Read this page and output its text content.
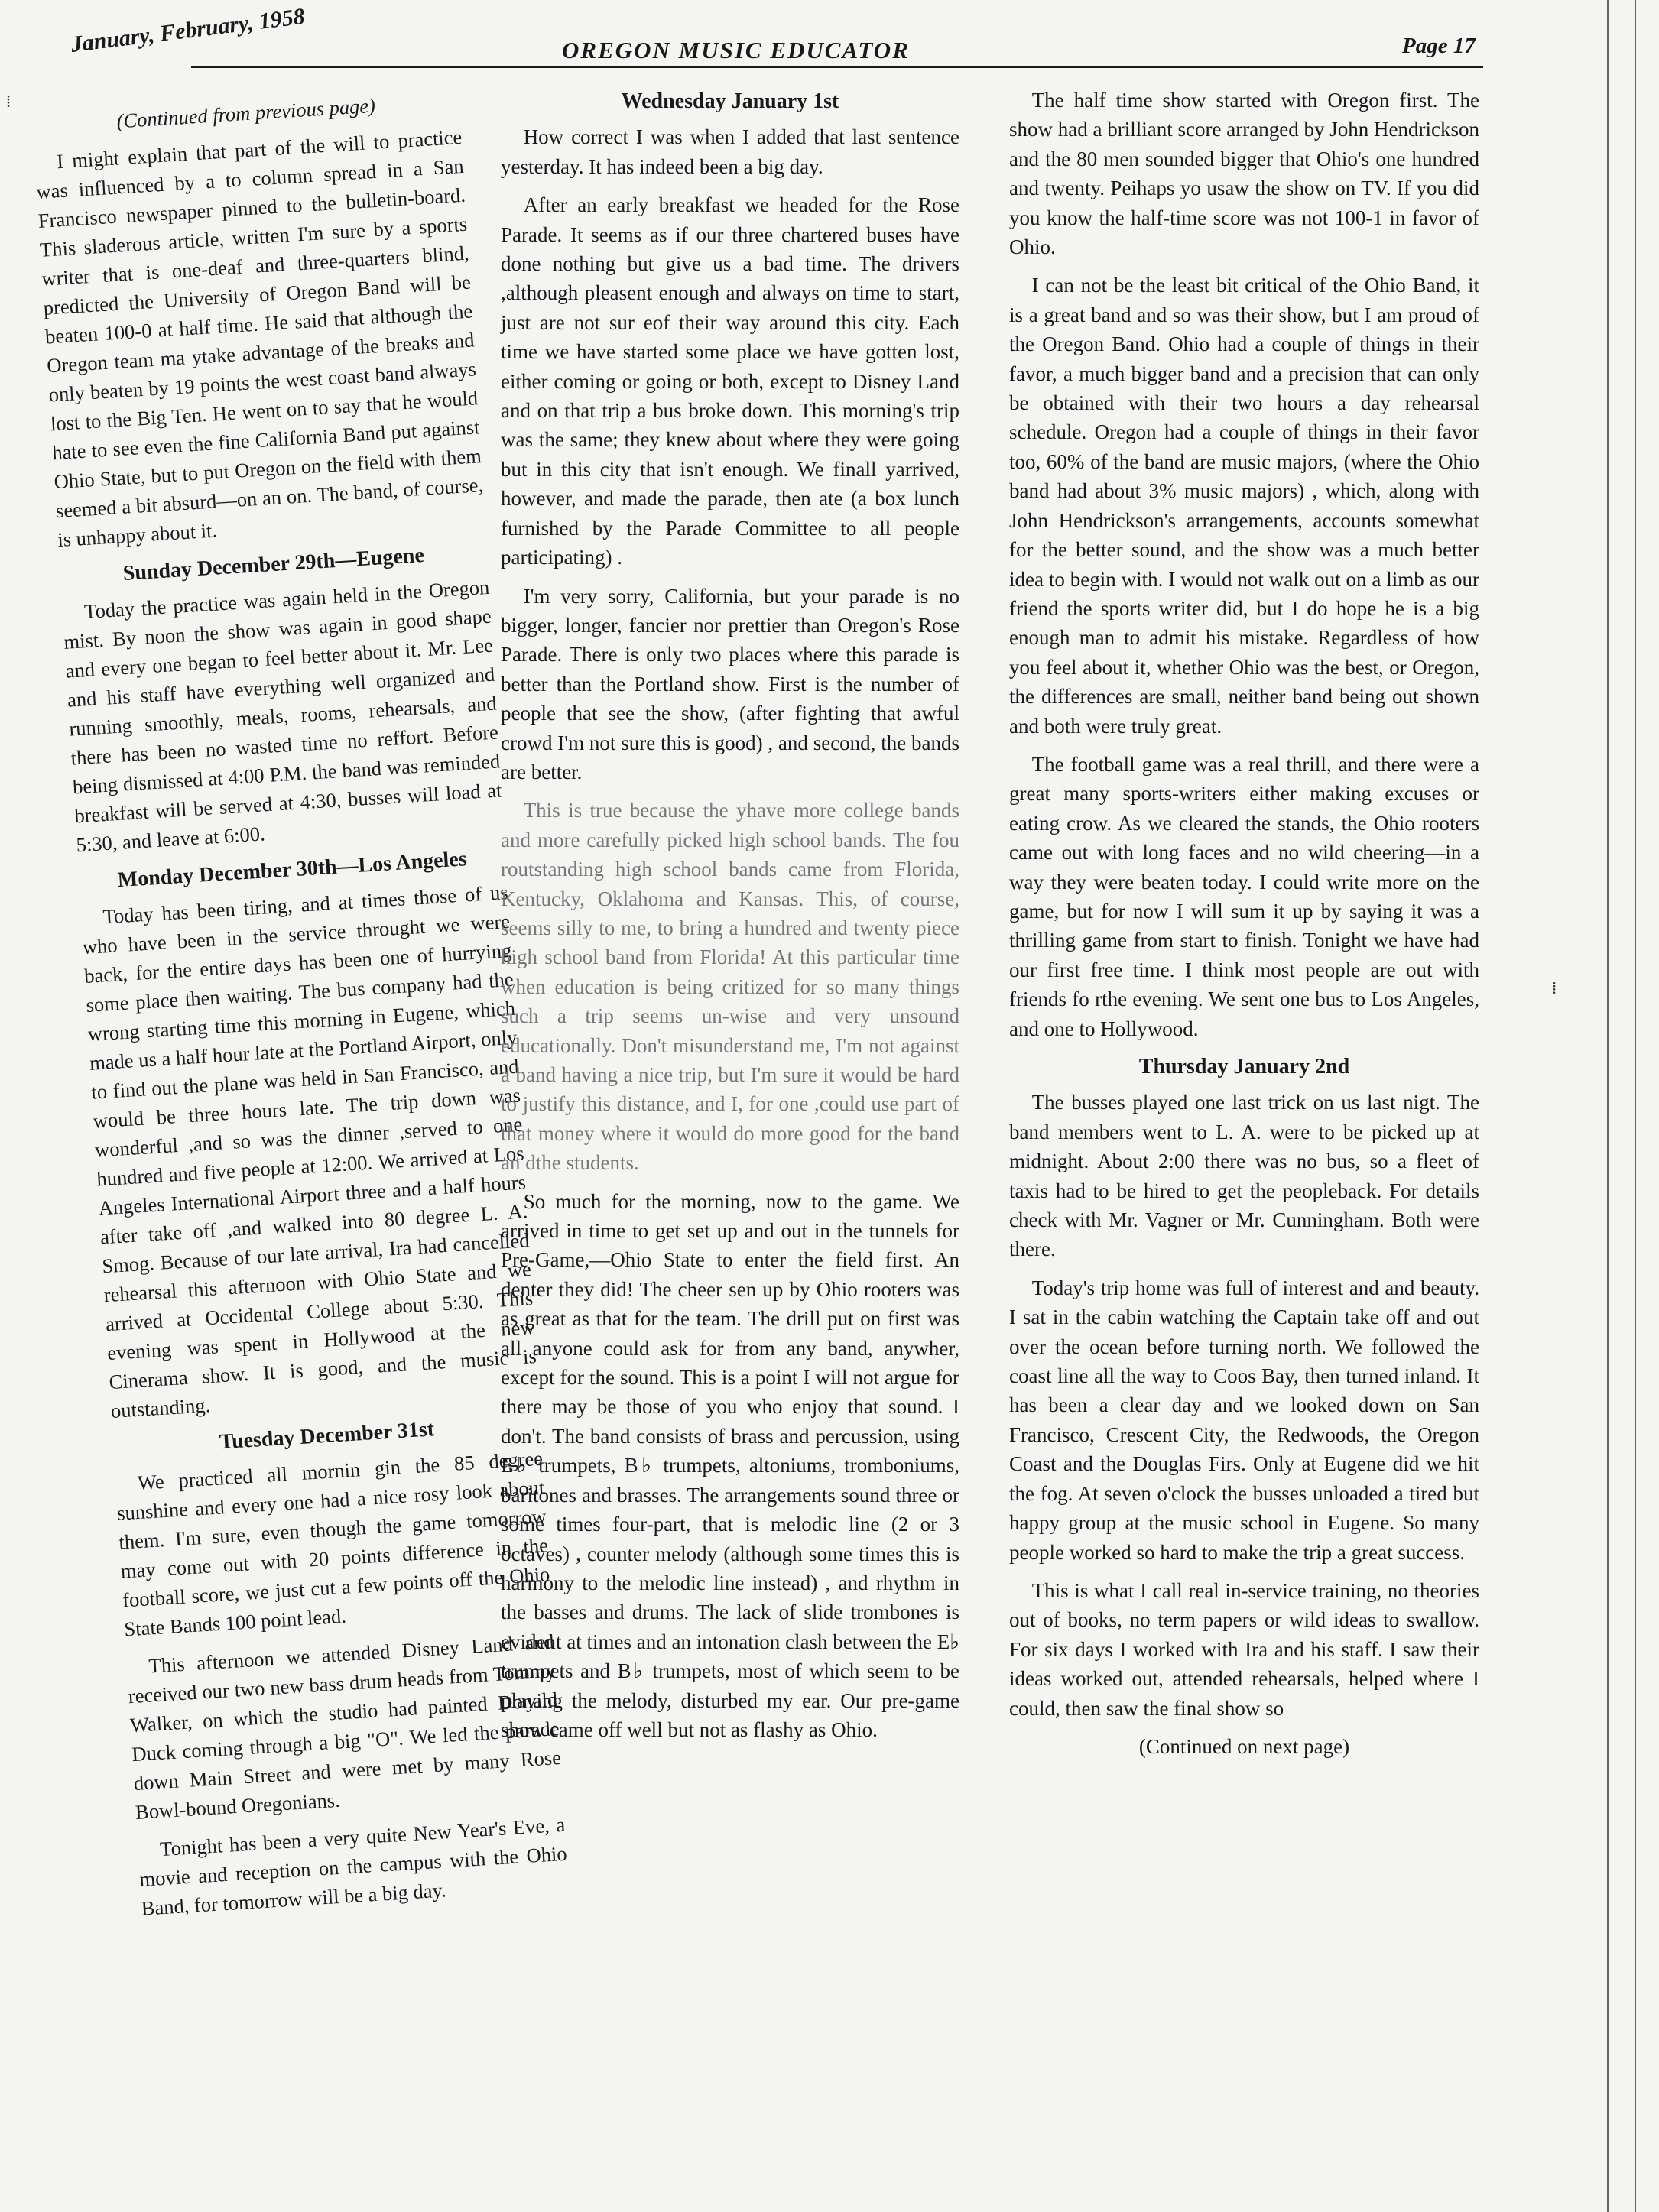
January, February, 1958	OREGON MUSIC EDUCATOR	Page 17
(Continued from previous page)

I might explain that part of the will to practice was influenced by a to column spread in a San Francisco newspaper pinned to the bulletin-board. This sladerous article, written I'm sure by a sports writer that is one-deaf and three-quarters blind, predicted the University of Oregon Band will be beaten 100-0 at half time. He said that although the Oregon team ma ytake advantage of the breaks and only beaten by 19 points the west coast band always lost to the Big Ten. He went on to say that he would hate to see even the fine California Band put against Ohio State, but to put Oregon on the field with them seemed a bit absurd—on an on. The band, of course, is unhappy about it.

Sunday December 29th—Eugene

Today the practice was again held in the Oregon mist. By noon the show was again in good shape and every one began to feel better about it. Mr. Lee and his staff have everything well organized and running smoothly, meals, rooms, rehearsals, and there has been no wasted time no reffort. Before being dismissed at 4:00 P.M. the band was reminded breakfast will be served at 4:30, busses will load at 5:30, and leave at 6:00.

Monday December 30th—Los Angeles

Today has been tiring, and at times those of us who have been in the service throught we were back, for the entire days has been one of hurrying some place then waiting. The bus company had the wrong starting time this morning in Eugene, which made us a half hour late at the Portland Airport, only to find out the plane was held in San Francisco, and would be three hours late. The trip down was wonderful ,and so was the dinner ,served to one hundred and five people at 12:00. We arrived at Los Angeles International Airport three and a half hours after take off ,and walked into 80 degree L. A. Smog. Because of our late arrival, Ira had cancelled rehearsal this afternoon with Ohio State and we arrived at Occidental College about 5:30. This evening was spent in Hollywood at the new Cinerama show. It is good, and the music is outstanding.

Tuesday December 31st

We practiced all mornin gin the 85 degree sunshine and every one had a nice rosy look about them. I'm sure, even though the game tomorrow may come out with 20 points difference in the football score, we just cut a few points off the Ohio State Bands 100 point lead.

This afternoon we attended Disney Land and received our two new bass drum heads from Tommy Walker, on which the studio had painted Donald Duck coming through a big "O". We led the parade down Main Street and were met by many Rose Bowl-bound Oregonians.

Tonight has been a very quite New Year's Eve, a movie and reception on the campus with the Ohio Band, for tomorrow will be a big day.

Wednesday January 1st

How correct I was when I added that last sentence yesterday. It has indeed been a big day.

After an early breakfast we headed for the Rose Parade. It seems as if our three chartered buses have done nothing but give us a bad time. The drivers ,although pleasent enough and always on time to start, just are not sur eof their way around this city. Each time we have started some place we have gotten lost, either coming or going or both, except to Disney Land and on that trip a bus broke down. This morning's trip was the same; they knew about where they were going but in this city that isn't enough. We finall yarrived, however, and made the parade, then ate (a box lunch furnished by the Parade Committee to all people participating) .

I'm very sorry, California, but your parade is no bigger, longer, fancier nor prettier than Oregon's Rose Parade. There is only two places where this parade is better than the Portland show. First is the number of people that see the show, (after fighting that awful crowd I'm not sure this is good) , and second, the bands are better.

This is true because the yhave more college bands and more carefully picked high school bands. The fou routstanding high school bands came from Florida, Kentucky, Oklahoma and Kansas. This, of course, seems silly to me, to bring a hundred and twenty piece high school band from Florida! At this particular time when education is being critized for so many things such a trip seems un-wise and very unsound educationally. Don't misunderstand me, I'm not against a band having a nice trip, but I'm sure it would be hard to justify this distance, and I, for one ,could use part of that money where it would do more good for the band an dthe students.

So much for the morning, now to the game. We arrived in time to get set up and out in the tunnels for Pre-Game,—Ohio State to enter the field first. An denter they did! The cheer sen up by Ohio rooters was as great as that for the team. The drill put on first was all anyone could ask for from any band, anywher, except for the sound. This is a point I will not argue for there may be those of you who enjoy that sound. I don't. The band consists of brass and percussion, using E♭ trumpets, B♭ trumpets, altoniums, tromboniums, baritones and brasses. The arrangements sound three or some times four-part, that is melodic line (2 or 3 octaves) , counter melody (although some times this is harmony to the melodic line instead) , and rhythm in the basses and drums. The lack of slide trombones is evident at times and an intonation clash between the E♭ trumpets and B♭ trumpets, most of which seem to be playing the melody, disturbed my ear. Our pre-game show came off well but not as flashy as Ohio.

The half time show started with Oregon first. The show had a brilliant score arranged by John Hendrickson and the 80 men sounded bigger that Ohio's one hundred and twenty. Peihaps yo usaw the show on TV. If you did you know the half-time score was not 100-1 in favor of Ohio.

I can not be the least bit critical of the Ohio Band, it is a great band and so was their show, but I am proud of the Oregon Band. Ohio had a couple of things in their favor, a much bigger band and a precision that can only be obtained with their two hours a day rehearsal schedule. Oregon had a couple of things in their favor too, 60% of the band are music majors, (where the Ohio band had about 3% music majors) , which, along with John Hendrickson's arrangements, accounts somewhat for the better sound, and the show was a much better idea to begin with. I would not walk out on a limb as our friend the sports writer did, but I do hope he is a big enough man to admit his mistake. Regardless of how you feel about it, whether Ohio was the best, or Oregon, the differences are small, neither band being out shown and both were truly great.

The football game was a real thrill, and there were a great many sports-writers either making excuses or eating crow. As we cleared the stands, the Ohio rooters came out with long faces and no wild cheering—in a way they were beaten today. I could write more on the game, but for now I will sum it up by saying it was a thrilling game from start to finish. Tonight we have had our first free time. I think most people are out with friends fo rthe evening. We sent one bus to Los Angeles, and one to Hollywood.

Thursday January 2nd

The busses played one last trick on us last nigt. The band members went to L. A. were to be picked up at midnight. About 2:00 there was no bus, so a fleet of taxis had to be hired to get the peopleback. For details check with Mr. Vagner or Mr. Cunningham. Both were there.

Today's trip home was full of interest and and beauty. I sat in the cabin watching the Captain take off and out over the ocean before turning north. We followed the coast line all the way to Coos Bay, then turned inland. It has been a clear day and we looked down on San Francisco, Crescent City, the Redwoods, the Oregon Coast and the Douglas Firs. Only at Eugene did we hit the fog. At seven o'clock the busses unloaded a tired but happy group at the music school in Eugene. So many people worked so hard to make the trip a great success.

This is what I call real in-service training, no theories out of books, no term papers or wild ideas to swallow. For six days I worked with Ira and his staff. I saw their ideas worked out, attended rehearsals, helped where I could, then saw the final show so

(Continued on next page)
⁞
⁞
